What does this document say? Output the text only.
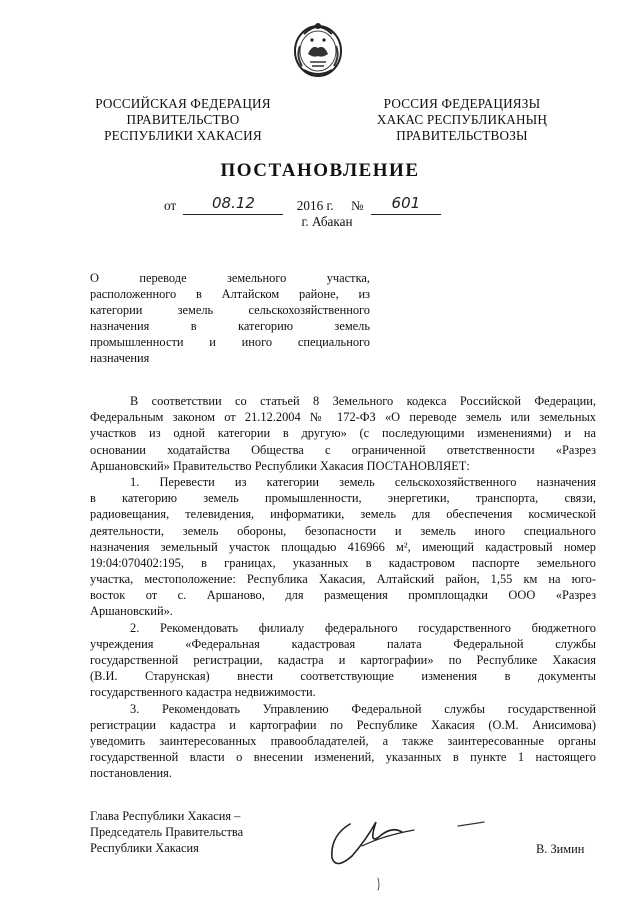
РОССИЙСКАЯ ФЕДЕРАЦИЯ
ПРАВИТЕЛЬСТВО
РЕСПУБЛИКИ ХАКАСИЯ
РОССИЯ ФЕДЕРАЦИЯЗЫ
ХАКАС РЕСПУБЛИКАНЫҢ
ПРАВИТЕЛЬСТВОЗЫ
ПОСТАНОВЛЕНИЕ
от 08.12	2016 г. № 601
г. Абакан
О переводе земельного участка,
расположенного в Алтайском районе, из
категории земель сельскохозяйственного
назначения в категорию земель
промышленности и иного специального
назначения
В соответствии со статьей 8 Земельного кодекса Российской Федерации,
Федеральным законом от 21.12.2004 № 172-ФЗ «О переводе земель или земельных
участков из одной категории в другую» (с последующими изменениями) и на
основании ходатайства Общества с ограниченной ответственности «Разрез
Аршановский» Правительство Республики Хакасия ПОСТАНОВЛЯЕТ:
1. Перевести из категории земель сельскохозяйственного назначения
в категорию земель промышленности, энергетики, транспорта, связи,
радиовещания, телевидения, информатики, земель для обеспечения космической
деятельности, земель обороны, безопасности и земель иного специального
назначения земельный участок площадью 416966 м², имеющий кадастровый номер
19:04:070402:195, в границах, указанных в кадастровом паспорте земельного
участка, местоположение: Республика Хакасия, Алтайский район, 1,55 км на юго-
восток от с. Аршаново, для размещения промплощадки ООО «Разрез
Аршановский».
2. Рекомендовать филиалу федерального государственного бюджетного
учреждения «Федеральная кадастровая палата Федеральной службы
государственной регистрации, кадастра и картографии» по Республике Хакасия
(В.И. Старунская) внести соответствующие изменения в документы
государственного кадастра недвижимости.
3. Рекомендовать Управлению Федеральной службы государственной
регистрации кадастра и картографии по Республике Хакасия (О.М. Анисимова)
уведомить заинтересованных правообладателей, а также заинтересованные органы
государственной власти о внесении изменений, указанных в пункте 1 настоящего
постановления.
Глава Республики Хакасия –
Председатель Правительства
Республики Хакасия	В. Зимин
